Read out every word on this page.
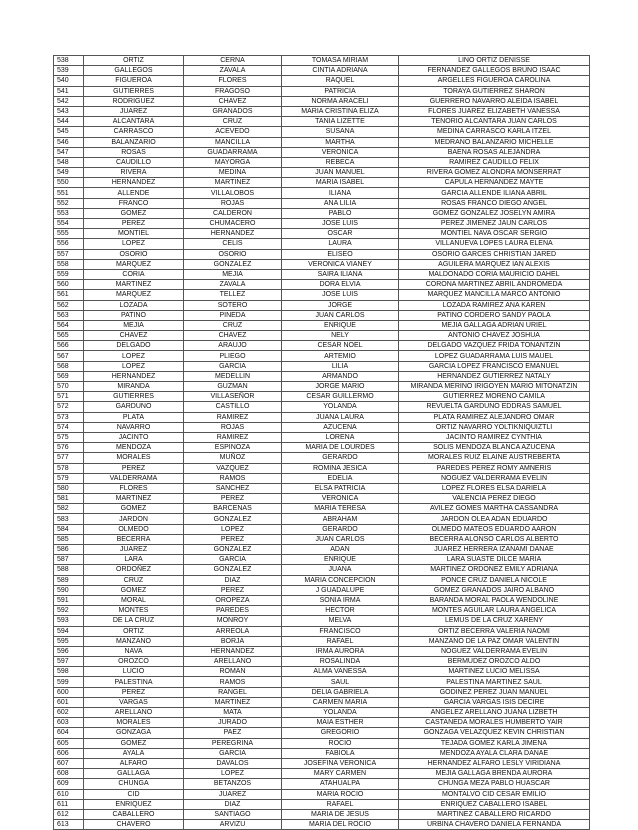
538	ORTIZ	CERNA	TOMASA MIRIAM	LINO ORTIZ DENISSE
539	GALLEGOS	ZAVALA	CINTIA ADRIANA	FERNANDEZ GALLEGOS BRUNO ISAAC
540	FIGUEROA	FLORES	RAQUEL	ARGELLES FIGUEROA CAROLINA
541	GUTIERRES	FRAGOSO	PATRICIA	TORAYA GUTIERREZ SHARON
542	RODRIGUEZ	CHAVEZ	NORMA ARACELI	GUERRERO NAVARRO ALEIDA ISABEL
543	JUAREZ	GRANADOS	MARIA CRISTINA ELIZA	FLORES JUAREZ ELIZABETH VANESSA
544	ALCANTARA	CRUZ	TANIA LIZETTE	TENORIO ALCANTARA JUAN CARLOS
545	CARRASCO	ACEVEDO	SUSANA	MEDINA CARRASCO KARLA ITZEL
546	BALANZARIO	MANCILLA	MARTHA	MEDRANO BALANZARIO MICHELLE
547	ROSAS	GUADARRAMA	VERONICA	BAENA ROSAS ALEJANDRA
548	CAUDILLO	MAYORGA	REBECA	RAMIREZ CAUDILLO FELIX
549	RIVERA	MEDINA	JUAN MANUEL	RIVERA GOMEZ ALONDRA MONSERRAT
550	HERNANDEZ	MARTINEZ	MARIA ISABEL	CAPULA HERNANDEZ MAYTE
551	ALLENDE	VILLALOBOS	ILIANA	GARCIA ALLENDE ILIANA ABRIL
552	FRANCO	ROJAS	ANA LILIA	ROSAS FRANCO DIEGO ANGEL
553	GOMEZ	CALDERON	PABLO	GOMEZ GONZALEZ JOSELYN AMIRA
554	PEREZ	CHUMACERO	JOSE LUIS	PEREZ JIMENEZ JAUN CARLOS
555	MONTIEL	HERNANDEZ	OSCAR	MONTIEL NAVA OSCAR SERGIO
556	LOPEZ	CELIS	LAURA	VILLANUEVA LOPES LAURA ELENA
557	OSORIO	OSORIO	ELISEO	OSORIO GARCES CHRISTIAN JARED
558	MARQUEZ	GONZALEZ	VERONICA VIANEY	AGUILERA MARQUEZ IAN ALEXIS
559	CORIA	MEJIA	SAIRA ILIANA	MALDONADO CORIA MAURICIO DAHEL
560	MARTINEZ	ZAVALA	DORA ELVIA	CORONA MARTINEZ ABRIL ANDROMEDA
561	MARQUEZ	TELLEZ	JOSE LUIS	MARQUEZ MANCILLA MARCO ANTONIO
562	LOZADA	SOTERO	JORGE	LOZADA RAMIREZ ANA KAREN
563	PATINO	PINEDA	JUAN CARLOS	PATINO CORDERO SANDY PAOLA
564	MEJIA	CRUZ	ENRIQUE	MEJIA GALLAGA ADRIAN URIEL
565	CHAVEZ	CHAVEZ	NELY	ANTONIO CHAVEZ JOSHUA
566	DELGADO	ARAUJO	CESAR NOEL	DELGADO VAZQUEZ FRIDA TONANTZIN
567	LOPEZ	PLIEGO	ARTEMIO	LOPEZ GUADARRAMA LUIS MAUEL
568	LOPEZ	GARCIA	LILIA	GARCIA LOPEZ FRANCISCO EMANUEL
569	HERNANDEZ	MEDELLIN	ARMANDO	HERNANDEZ GUTIERREZ NATALY
570	MIRANDA	GUZMAN	JORGE MARIO	MIRANDA MERINO IRIGOYEN MARIO MITONATZIN
571	GUTIERRES	VILLASEÑOR	CESAR GUILLERMO	GUTIERREZ MORENO CAMILA
572	GARDUNO	CASTILLO	YOLANDA	REVUELTA GARDUNO EDDRAS SAMUEL
573	PLATA	RAMIREZ	JUANA LAURA	PLATA RAMIREZ ALEJANDRO OMAR
574	NAVARRO	ROJAS	AZUCENA	ORTIZ NAVARRO YOLTIKNIQUIZTLI
575	JACINTO	RAMIREZ	LORENA	JACINTO RAMIREZ CYNTHIA
576	MENDOZA	ESPINOZA	MARIA DE LOURDES	SOLIS MENDOZA BLANCA AZUCENA
577	MORALES	MUÑOZ	GERARDO	MORALES RUIZ ELAINE AUSTREBERTA
578	PEREZ	VAZQUEZ	ROMINA JESICA	PAREDES PEREZ ROMY AMNERIS
579	VALDERRAMA	RAMOS	EDELIA	NOGUEZ VALDERRAMA EVELIN
580	FLORES	SANCHEZ	ELSA PATRICIA	LOPEZ FLORES ELSA DARIELA
581	MARTINEZ	PEREZ	VERONICA	VALENCIA PEREZ DIEGO
582	GOMEZ	BARCENAS	MARIA TERESA	AVILEZ GOMES MARTHA CASSANDRA
583	JARDON	GONZALEZ	ABRAHAM	JARDON OLEA ADAN EDUARDO
584	OLMEDO	LOPEZ	GERARDO	OLMEDO MATEOS EDUARDO AARON
585	BECERRA	PEREZ	JUAN CARLOS	BECERRA ALONSO CARLOS ALBERTO
586	JUAREZ	GONZALEZ	ADAN	JUAREZ HERRERA IZANAMI DANAE
587	LARA	GARCIA	ENRIQUE	LARA SUASTE DILCE MARIA
588	ORDOÑEZ	GONZALEZ	JUANA	MARTINEZ ORDONEZ EMILY ADRIANA
589	CRUZ	DIAZ	MARIA CONCEPCION	PONCE CRUZ DANIELA NICOLE
590	GOMEZ	PEREZ	J GUADALUPE	GOMEZ GRANADOS JAIRO ALBANO
591	MORAL	OROPEZA	SONIA IRMA	BARANDA MORAL PAOLA WENDOLINE
592	MONTES	PAREDES	HECTOR	MONTES AGUILAR LAURA ANGELICA
593	DE LA CRUZ	MONROY	MELVA	LEMUS DE LA CRUZ XARENY
594	ORTIZ	ARREOLA	FRANCISCO	ORTIZ BECERRA VALERIA NAOMI
595	MANZANO	BORJA	RAFAEL	MANZANO DE LA PAZ OMAR VALENTIN
596	NAVA	HERNANDEZ	IRMA AURORA	NOGUEZ VALDERRAMA EVELIN
597	OROZCO	ARELLANO	ROSALINDA	BERMUDEZ OROZCO ALDO
598	LUCIO	ROMAN	ALMA VANESSA	MARTINEZ LUCIO MELISSA
599	PALESTINA	RAMOS	SAUL	PALESTINA MARTINEZ SAUL
600	PEREZ	RANGEL	DELIA GABRIELA	GODINEZ PEREZ JUAN MANUEL
601	VARGAS	MARTINEZ	CARMEN MARIA	GARCIA VARGAS ISIS DECIRE
602	ARELLANO	MATA	YOLANDA	ANGELEZ ARELLANO JUANA LIZBETH
603	MORALES	JURADO	MAIA ESTHER	CASTANEDA MORALES HUMBERTO YAIR
604	GONZAGA	PAEZ	GREGORIO	GONZAGA VELAZQUEZ KEVIN CHRISTIAN
605	GOMEZ	PEREGRINA	ROCIO	TEJADA GOMEZ KARLA JIMENA
606	AYALA	GARCIA	FABIOLA	MENDOZA AYALA CLARA DANAE
607	ALFARO	DAVALOS	JOSEFINA VERONICA	HERNANDEZ ALFARO LESLY VIRIDIANA
608	GALLAGA	LOPEZ	MARY CARMEN	MEJIA GALLAGA BRENDA AURORA
609	CHUNGA	BETANZOS	ATAHUALPA	CHUNGA MEZA PABLO HUASCAR
610	CID	JUAREZ	MARIA ROCIO	MONTALVO CID CESAR EMILIO
611	ENRIQUEZ	DIAZ	RAFAEL	ENRIQUEZ CABALLERO ISABEL
612	CABALLERO	SANTIAGO	MARIA DE JESUS	MARTINEZ CABALLERO RICARDO
613	CHAVERO	ARVIZU	MARIA DEL ROCIO	URBINA CHAVERO DANIELA FERNANDA
